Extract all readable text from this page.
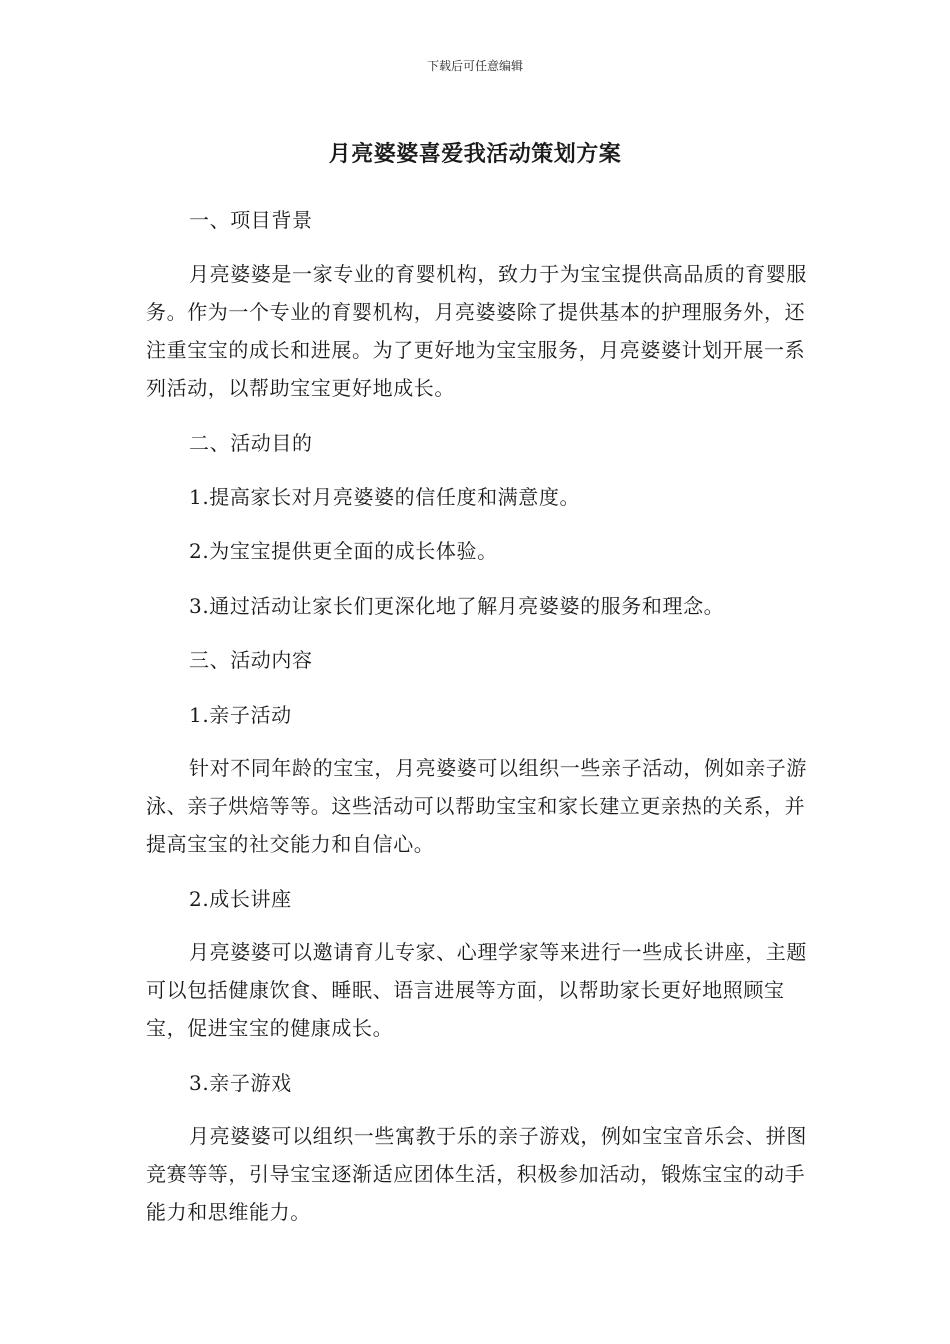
下载后可任意编辑
月亮婆婆喜爱我活动策划方案

一、项目背景

月亮婆婆是一家专业的育婴机构，致力于为宝宝提供高品质的育婴服务。作为一个专业的育婴机构，月亮婆婆除了提供基本的护理服务外，还注重宝宝的成长和进展。为了更好地为宝宝服务，月亮婆婆计划开展一系列活动，以帮助宝宝更好地成长。

二、活动目的

1.提高家长对月亮婆婆的信任度和满意度。

2.为宝宝提供更全面的成长体验。

3.通过活动让家长们更深化地了解月亮婆婆的服务和理念。

三、活动内容

1.亲子活动

针对不同年龄的宝宝，月亮婆婆可以组织一些亲子活动，例如亲子游泳、亲子烘焙等等。这些活动可以帮助宝宝和家长建立更亲热的关系，并提高宝宝的社交能力和自信心。

2.成长讲座

月亮婆婆可以邀请育儿专家、心理学家等来进行一些成长讲座，主题可以包括健康饮食、睡眠、语言进展等方面，以帮助家长更好地照顾宝宝，促进宝宝的健康成长。

3.亲子游戏

月亮婆婆可以组织一些寓教于乐的亲子游戏，例如宝宝音乐会、拼图竞赛等等，引导宝宝逐渐适应团体生活，积极参加活动，锻炼宝宝的动手能力和思维能力。
